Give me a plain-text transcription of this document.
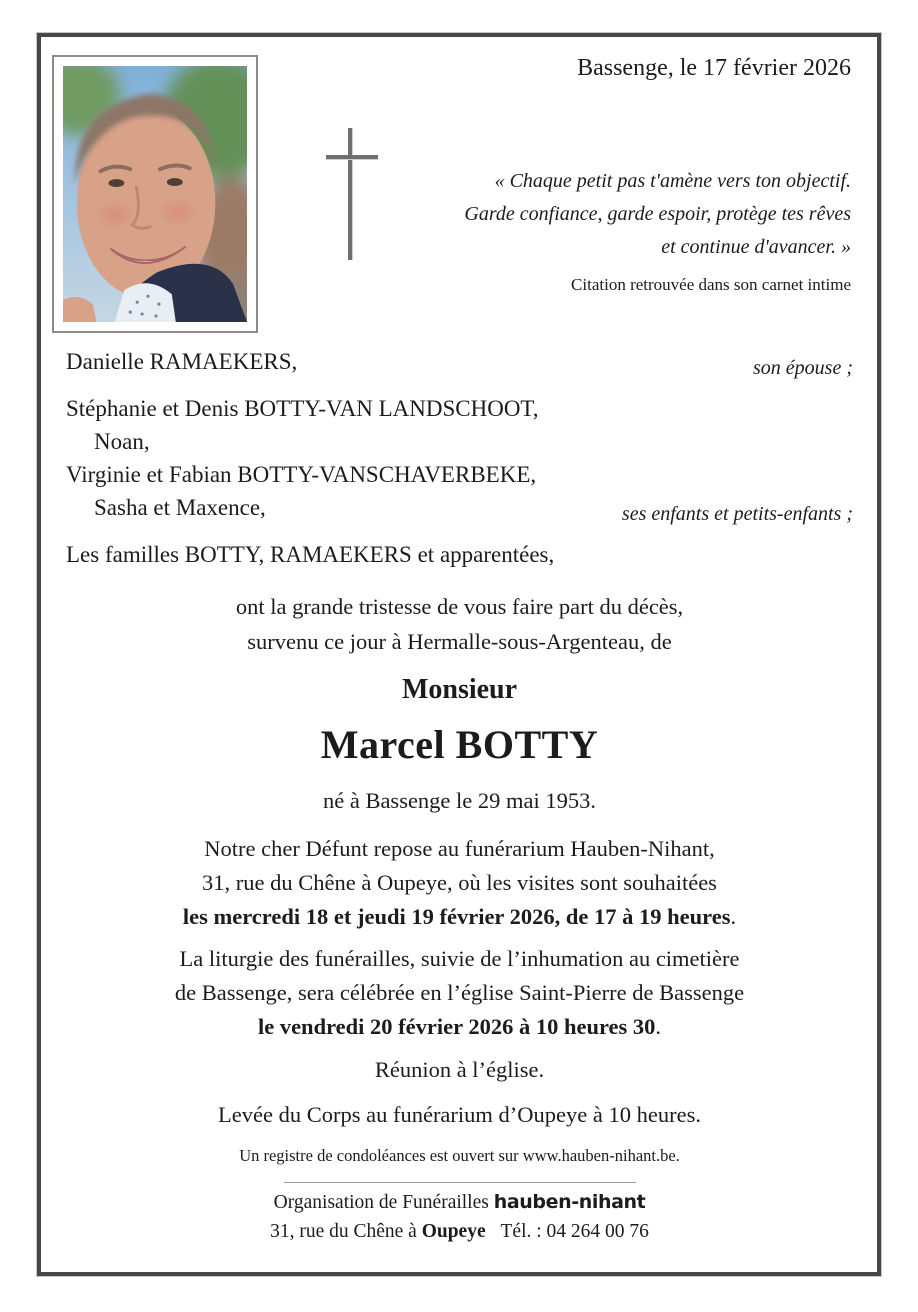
Bassenge, le 17 février 2026
« Chaque petit pas t'amène vers ton objectif.
Garde confiance, garde espoir, protège tes rêves
et continue d'avancer. »
Citation retrouvée dans son carnet intime
Danielle RAMAEKERS,	son épouse ;
Stéphanie et Denis BOTTY-VAN LANDSCHOOT,
Noan,
Virginie et Fabian BOTTY-VANSCHAVERBEKE,
Sasha et Maxence,	ses enfants et petits-enfants ;
Les familles BOTTY, RAMAEKERS et apparentées,

ont la grande tristesse de vous faire part du décès,
survenu ce jour à Hermalle-sous-Argenteau, de

Monsieur

Marcel BOTTY

né à Bassenge le 29 mai 1953.

Notre cher Défunt repose au funérarium Hauben-Nihant,
31, rue du Chêne à Oupeye, où les visites sont souhaitées
les mercredi 18 et jeudi 19 février 2026, de 17 à 19 heures.

La liturgie des funérailles, suivie de l’inhumation au cimetière
de Bassenge, sera célébrée en l’église Saint-Pierre de Bassenge
le vendredi 20 février 2026 à 10 heures 30.

Réunion à l’église.

Levée du Corps au funérarium d’Oupeye à 10 heures.

Un registre de condoléances est ouvert sur www.hauben-nihant.be.

Organisation de Funérailles hauben-nihant

31, rue du Chêne à Oupeye Tél. : 04 264 00 76
